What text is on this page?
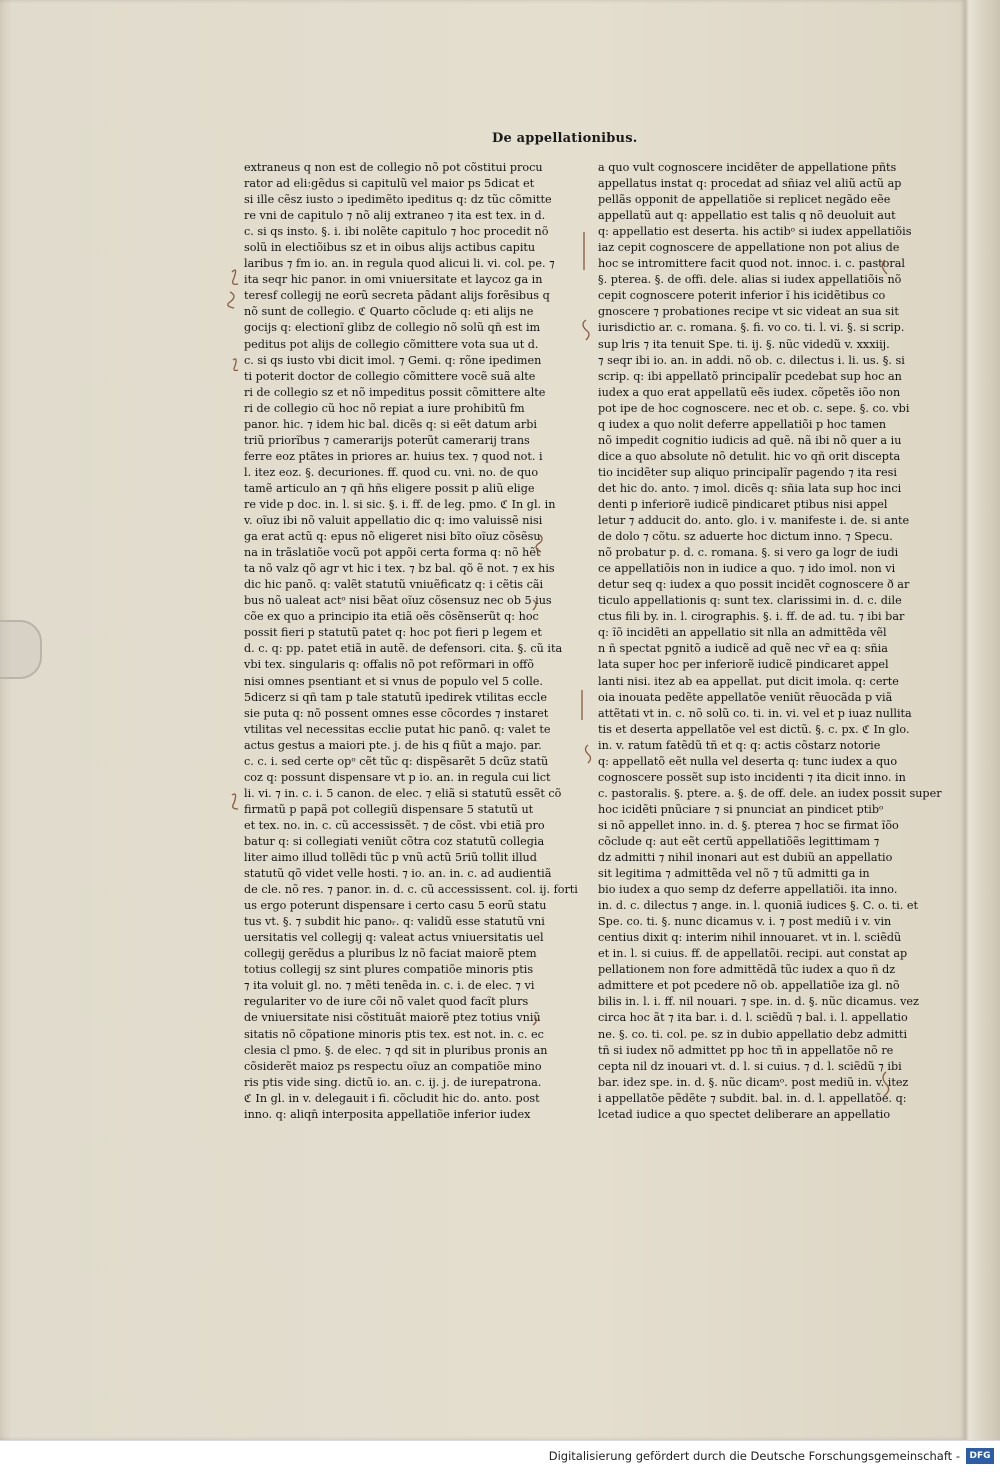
De appellationibus.
extraneus q non est de collegio nõ pot cõstitui procu
rator ad eli:gẽdus si capitulũ vel maior ps 5dicat et
si ille cẽsz iusto ɔ ipedimẽto ipeditus q: dz tũc cõmitte
re vni de capitulo ⁊ nõ alij extraneo ⁊ ita est tex. in d.
c. si qs insto. §. i. ibi nolẽte capitulo ⁊ hoc procedit nõ
solũ in electiõibus sz et in oibus alijs actibus capitu
laribus ⁊ fm io. an. in regula quod alicui li. vi. col. pe. ⁊
ita seqr hic panor. in omi vniuersitate et laycoz ga in
teresf collegij ne eorũ secreta pãdant alijs forẽsibus q
nõ sunt de collegio. ℭ Quarto cõclude q: eti alijs ne
gocijs q: electionĩ glibz de collegio nõ solũ qn̄ est im
peditus pot alijs de collegio cõmittere vota sua ut d.
c. si qs iusto vbi dicit imol. ⁊ Gemi. q: rõne ipedimen
ti poterit doctor de collegio cõmittere vocẽ suã alte
ri de collegio sz et nõ impeditus possit cõmittere alte
ri de collegio cũ hoc nõ repiat a iure prohibitũ fm
panor. hic. ⁊ idem hic bal. dicẽs q: si eẽt datum arbi
triũ priorĩbus ⁊ camerarijs poterũt camerarij trans
ferre eoz ptãtes in priores ar. huius tex. ⁊ quod not. i
l. itez eoz. §. decuriones. ff. quod cu. vni. no. de quo
tamẽ articulo an ⁊ qñ hñs eligere possit p aliũ elige
re vide p doc. in. l. si sic. §. i. ff. de leg. pmo. ℭ In gl. in
v. oĩuz ibi nõ valuit appellatio dic q: imo valuissẽ nisi
ga erat actũ q: epus nõ eligeret nisi bĩto oĩuz cõsẽsu
na in trãslatiõe vocũ pot appõi certa forma q: nõ hẽt
ta nõ valz qõ agr vt hic i tex. ⁊ bz bal. qõ ẽ not. ⁊ ex his
dic hic panõ. q: valẽt statutũ vniuẽficatz q: i cẽtis cãi
bus nõ ualeat actᵒ nisi bẽat oĩuz cõsensuz nec ob 5 ius
cõe ex quo a principio ita etiã oẽs cõsẽnserũt q: hoc
possit fieri p statutũ patet q: hoc pot fieri p legem et
d. c. q: pp. patet etiã in autẽ. de defensori. cita. §. cũ ita
vbi tex. singularis q: offalis nõ pot refõrmari in offõ
nisi omnes psentiant et si vnus de populo vel 5 colle.
5dicerz si qñ tam p tale statutũ ipedirek vtilitas eccle
sie puta q: nõ possent omnes esse cõcordes ⁊ instaret
vtilitas vel necessitas ecclie putat hic panõ. q: valet te
actus gestus a maiori pte. j. de his q fiũt a majo. par.
c. c. i. sed certe opᵒ cẽt tũc q: dispẽsarẽt 5 dcũz statũ
coz q: possunt dispensare vt p io. an. in regula cui lict
li. vi. ⁊ in. c. i. 5 canon. de elec. ⁊ eliã si statutũ essẽt cõ
firmatũ p papã pot collegiũ dispensare 5 statutũ ut
et tex. no. in. c. cũ accessissẽt. ⁊ de cõst. vbi etiã pro
batur q: si collegiati veniũt cõtra coz statutũ collegia
liter aimo illud tollẽdi tũc p vnũ actũ 5riũ tollit illud
statutũ qõ videt velle hosti. ⁊ io. an. in. c. ad audientiã
de cle. nõ res. ⁊ panor. in. d. c. cũ accessissent. col. ij. forti
us ergo poterunt dispensare i certo casu 5 eorũ statu
tus vt. §. ⁊ subdit hic panoᵣ. q: validũ esse statutũ vni
uersitatis vel collegij q: valeat actus vniuersitatis uel
collegij gerẽdus a pluribus lz nõ faciat maiorẽ ptem
totius collegij sz sint plures compatiõe minoris ptis
⁊ ita voluit gl. no. ⁊ mẽti tenẽda in. c. i. de elec. ⁊ vi
regulariter vo de iure cõi nõ valet quod facĩt plurs
de vniuersitate nisi cõstituãt maiorẽ ptez totius vniũ
sitatis nõ cõpatione minoris ptis tex. est not. in. c. ec
clesia cl pmo. §. de elec. ⁊ qd sit in pluribus pronis an
cõsiderẽt maioz ps respectu oĩuz an compatiõe mino
ris ptis vide sing. dictũ io. an. c. ij. j. de iurepatrona.
ℭ In gl. in v. delegauit i fi. cõcludit hic do. anto. post
inno. q: aliqn̄ interposita appellatiõe inferior iudex
a quo vult cognoscere incidẽter de appellatione pñts
appellatus instat q: procedat ad sñiaz vel aliũ actũ ap
pellãs opponit de appellatiõe si replicet negãdo eẽe
appellatũ aut q: appellatio est talis q nõ deuoluit aut
q: appellatio est deserta. his actibᵒ si iudex appellatiõis
iaz cepit cognoscere de appellatione non pot alius de
hoc se intromittere facit quod not. innoc. i. c. pastoral
§. pterea. §. de offi. dele. alias si iudex appellatiõis nõ
cepit cognoscere poterit inferior ĩ his icidẽtibus co
gnoscere ⁊ probationes recipe vt sic videat an sua sit
iurisdictio ar. c. romana. §. fi. vo co. ti. l. vi. §. si scrip.
sup lris ⁊ ita tenuit Spe. ti. ij. §. nũc videdũ v. xxxiij.
⁊ seqr ibi io. an. in addi. nõ ob. c. dilectus i. li. us. §. si
scrip. q: ibi appellatõ principalĩr pcedebat sup hoc an
iudex a quo erat appellatũ eẽs iudex. cõpetẽs iõo non
pot ipe de hoc cognoscere. nec et ob. c. sepe. §. co. vbi
q iudex a quo nolit deferre appellatiõi p hoc tamen
nõ impedit cognitio iudicis ad quẽ. nã ibi nõ quer a iu
dice a quo absolute nõ detulit. hic vo qñ orit discepta
tio incidẽter sup aliquo principalĩr pagendo ⁊ ita resi
det hic do. anto. ⁊ imol. dicẽs q: sñia lata sup hoc inci
denti p inferiorẽ iudicẽ pindicaret ptibus nisi appel
letur ⁊ adducit do. anto. glo. i v. manifeste i. de. si ante
de dolo ⁊ cõtu. sz aduerte hoc dictum inno. ⁊ Specu.
nõ probatur p. d. c. romana. §. si vero ga logr de iudi
ce appellatiõis non in iudice a quo. ⁊ ido imol. non vi
detur seq q: iudex a quo possit incidẽt cognoscere ð ar
ticulo appellationis q: sunt tex. clarissimi in. d. c. dile
ctus fili by. in. l. cirographis. §. i. ff. de ad. tu. ⁊ ibi bar
q: ĩõ incidẽti an appellatio sit nlla an admittẽda vẽl
n ñ spectat pgnitõ a iudicẽ ad quẽ nec vr̃ ea q: sñia
lata super hoc per inferiorẽ iudicẽ pindicaret appel
lanti nisi. itez ab ea appellat. put dicit imola. q: certe
oia inouata pedẽte appellatõe veniũt rẽuocãda p viã
attẽtati vt in. c. nõ solũ co. ti. in. vi. vel et p iuaz nullita
tis et deserta appellatõe vel est dictũ. §. c. px. ℭ In glo.
in. v. ratum fatẽdũ tñ et q: q: actis cõstarz notorie
q: appellatõ eẽt nulla vel deserta q: tunc iudex a quo
cognoscere possẽt sup isto incidenti ⁊ ita dicit inno. in
c. pastoralis. §. ptere. a. §. de off. dele. an iudex possit super
hoc icidẽti pnũciare ⁊ si pnunciat an pindicet ptibᵒ
si nõ appellet inno. in. d. §. pterea ⁊ hoc se firmat ĩõo
cõclude q: aut eẽt certũ appellatiõẽs legittimam ⁊
dz admitti ⁊ nihil inonari aut est dubiũ an appellatio
sit legitima ⁊ admittẽda vel nõ ⁊ tũ admitti ga in
bio iudex a quo semp dz deferre appellatiõi. ita inno.
in. d. c. dilectus ⁊ ange. in. l. quoniã iudices §. C. o. ti. et
Spe. co. ti. §. nunc dicamus v. i. ⁊ post mediũ i v. vin
centius dixit q: interim nihil innouaret. vt in. l. sciẽdũ
et in. l. si cuius. ff. de appellatõi. recipi. aut constat ap
pellationem non fore admittẽdã tũc iudex a quo ñ dz
admittere et pot pcedere nõ ob. appellatiõe iza gl. nõ
bilis in. l. i. ff. nil nouari. ⁊ spe. in. d. §. nũc dicamus. vez
circa hoc ãt ⁊ ita bar. i. d. l. sciẽdũ ⁊ bal. i. l. appellatio
ne. §. co. ti. col. pe. sz in dubio appellatio debz admitti
tñ si iudex nõ admittet pp hoc tñ in appellatõe nõ re
cepta nil dz inouari vt. d. l. si cuius. ⁊ d. l. sciẽdũ ⁊ ibi
bar. idez spe. in. d. §. nũc dicamᵒ. post mediũ in. v. itez
i appellatõe pẽdẽte ⁊ subdit. bal. in. d. l. appellatõe. q:
lcetad iudice a quo spectet deliberare an appellatio
Digitalisierung gefördert durch die Deutsche Forschungsgemeinschaft -	DFG
